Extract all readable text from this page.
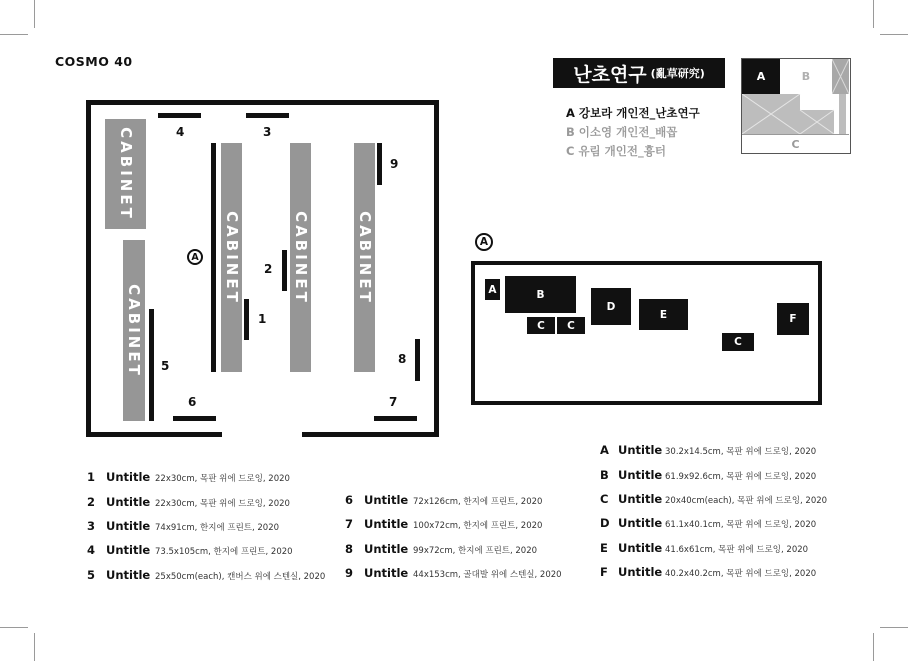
COSMO 40
CABINET
CABINET
CABINET	CABINET	CABINET
1
2
3
4
5
6	7
8
9
A
난초연구 (亂草研究)
A 강보라 개인전_난초연구
B 이소영 개인전_배꼽
C 유림 개인전_흉터
A	B
C
A
A	B
C	C
D
E
C
F
A Untitle 30.2x14.5cm, 목판 위에 드로잉, 2020
B Untitle 61.9x92.6cm, 목판 위에 드로잉, 2020
C Untitle 20x40cm(each), 목판 위에 드로잉, 2020
D Untitle 61.1x40.1cm, 목판 위에 드로잉, 2020
E Untitle 41.6x61cm, 목판 위에 드로잉, 2020
F Untitle 40.2x40.2cm, 목판 위에 드로잉, 2020
1 Untitle 22x30cm, 목판 위에 드로잉, 2020
2 Untitle 22x30cm, 목판 위에 드로잉, 2020
3 Untitle 74x91cm, 한지에 프린트, 2020
4 Untitle 73.5x105cm, 한지에 프린트, 2020
5 Untitle 25x50cm(each), 캔버스 위에 스텐실, 2020
6 Untitle 72x126cm, 한지에 프린트, 2020
7 Untitle 100x72cm, 한지에 프린트, 2020
8 Untitle 99x72cm, 한지에 프린트, 2020
9 Untitle 44x153cm, 골대발 위에 스텐실, 2020
